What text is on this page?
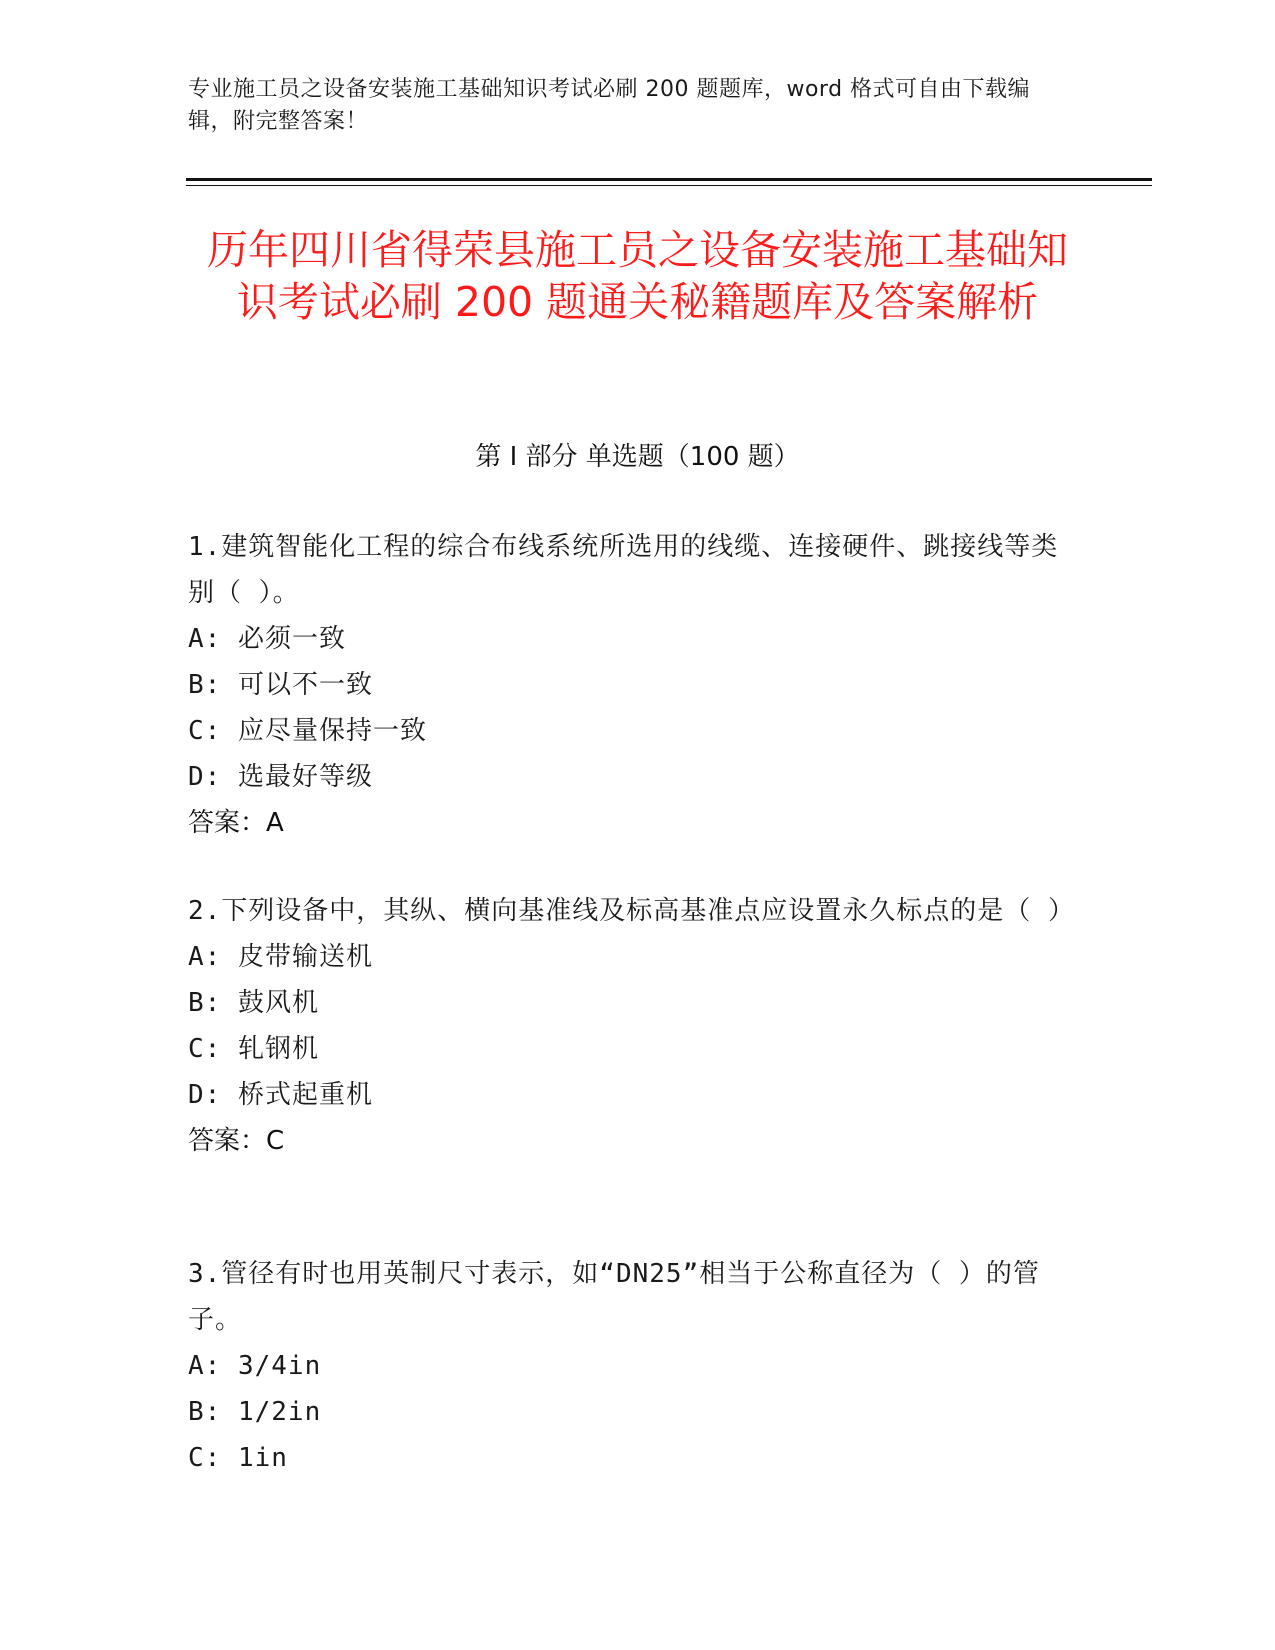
专业施工员之设备安装施工基础知识考试必刷 200 题题库，word 格式可自由下载编辑，附完整答案！
历年四川省得荣县施工员之设备安装施工基础知识考试必刷 200 题通关秘籍题库及答案解析
第 I 部分 单选题（100 题）
1.建筑智能化工程的综合布线系统所选用的线缆、连接硬件、跳接线等类别（ ）。
A: 必须一致
B: 可以不一致
C: 应尽量保持一致
D: 选最好等级
答案：A
2.下列设备中，其纵、横向基准线及标高基准点应设置永久标点的是（ ）
A: 皮带输送机
B: 鼓风机
C: 轧钢机
D: 桥式起重机
答案：C
3.管径有时也用英制尺寸表示，如“DN25”相当于公称直径为（ ）的管子。
A: 3/4in
B: 1/2in
C: 1in
